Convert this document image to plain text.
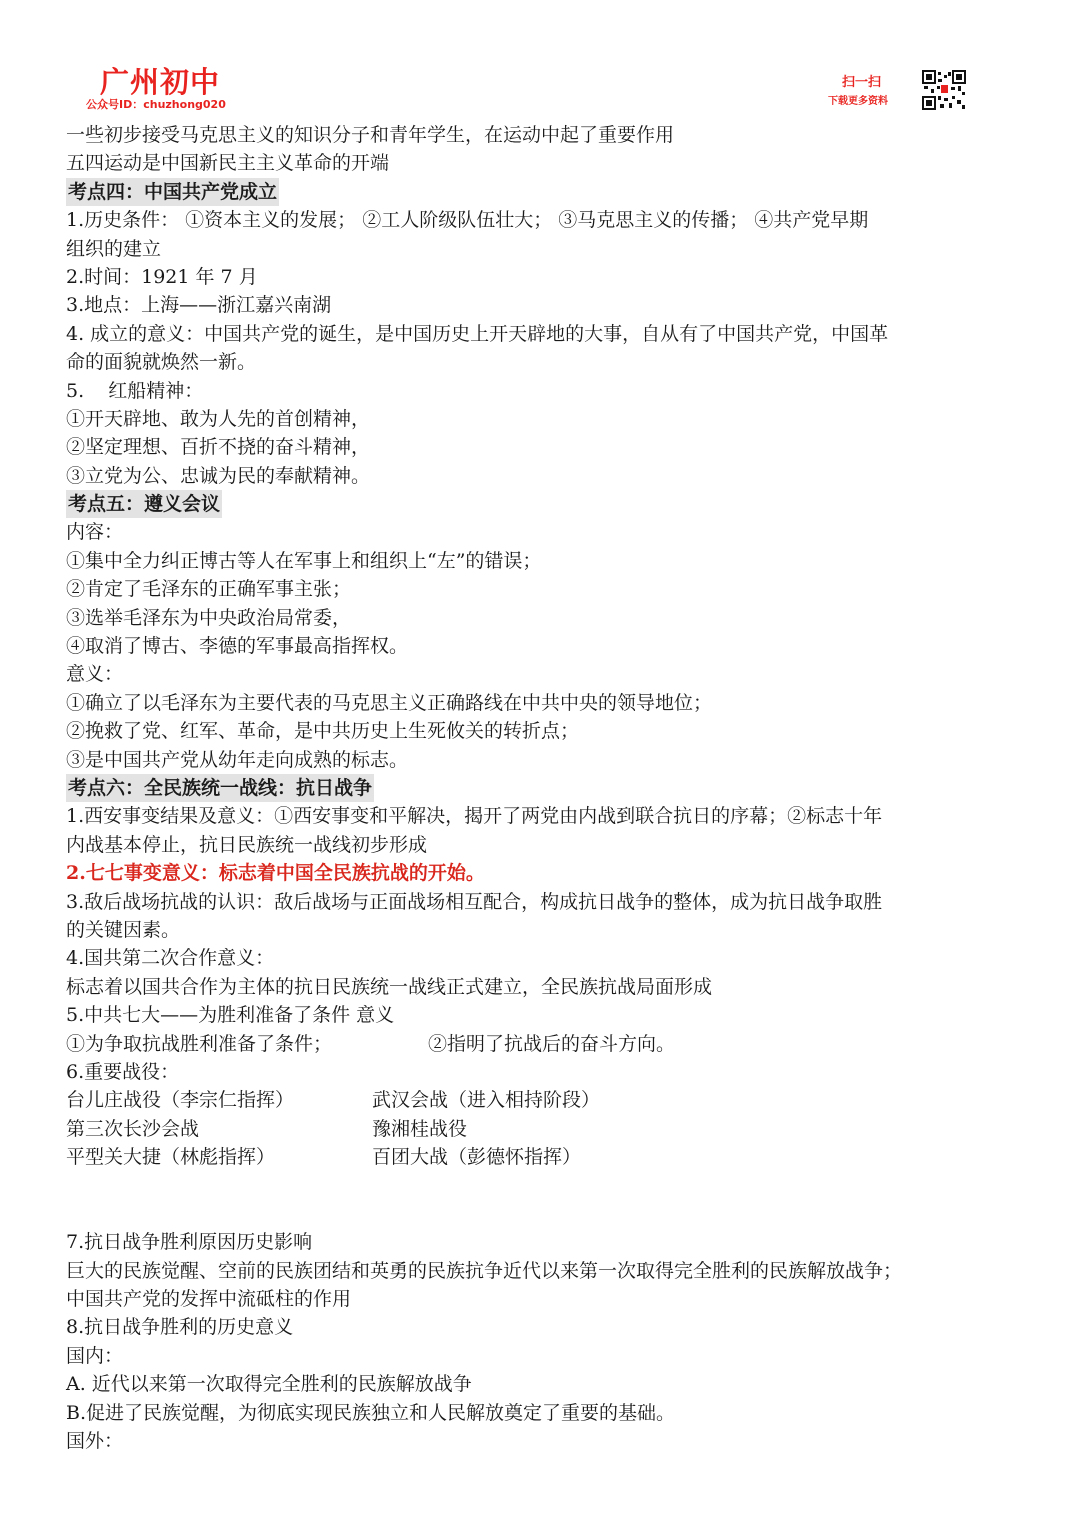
广州初中
公众号ID：chuzhong020
扫一扫
下载更多资料
一些初步接受马克思主义的知识分子和青年学生，在运动中起了重要作用
五四运动是中国新民主主义革命的开端
考点四：中国共产党成立
1.历史条件： ①资本主义的发展； ②工人阶级队伍壮大； ③马克思主义的传播； ④共产党早期
组织的建立
2.时间：1921 年 7 月
3.地点：上海——浙江嘉兴南湖
4. 成立的意义：中国共产党的诞生，是中国历史上开天辟地的大事，自从有了中国共产党，中国革
命的面貌就焕然一新。
5.    红船精神：
①开天辟地、敢为人先的首创精神，
②坚定理想、百折不挠的奋斗精神，
③立党为公、忠诚为民的奉献精神。
考点五：遵义会议
内容：
①集中全力纠正博古等人在军事上和组织上“左”的错误；
②肯定了毛泽东的正确军事主张；
③选举毛泽东为中央政治局常委，
④取消了博古、李德的军事最高指挥权。
意义：
①确立了以毛泽东为主要代表的马克思主义正确路线在中共中央的领导地位；
②挽救了党、红军、革命，是中共历史上生死攸关的转折点；
③是中国共产党从幼年走向成熟的标志。
考点六：全民族统一战线：抗日战争
1.西安事变结果及意义：①西安事变和平解决，揭开了两党由内战到联合抗日的序幕；②标志十年
内战基本停止，抗日民族统一战线初步形成
2.七七事变意义：标志着中国全民族抗战的开始。
3.敌后战场抗战的认识：敌后战场与正面战场相互配合，构成抗日战争的整体，成为抗日战争取胜
的关键因素。
4.国共第二次合作意义：
标志着以国共合作为主体的抗日民族统一战线正式建立，全民族抗战局面形成
5.中共七大——为胜利准备了条件 意义
①为争取抗战胜利准备了条件；	②指明了抗战后的奋斗方向。
6.重要战役：
台儿庄战役（李宗仁指挥）	武汉会战（进入相持阶段）
第三次长沙会战	豫湘桂战役
平型关大捷（林彪指挥）	百团大战（彭德怀指挥）
7.抗日战争胜利原因历史影响
巨大的民族觉醒、空前的民族团结和英勇的民族抗争近代以来第一次取得完全胜利的民族解放战争；
中国共产党的发挥中流砥柱的作用
8.抗日战争胜利的历史意义
国内：
A. 近代以来第一次取得完全胜利的民族解放战争
B.促进了民族觉醒，为彻底实现民族独立和人民解放奠定了重要的基础。
国外：
